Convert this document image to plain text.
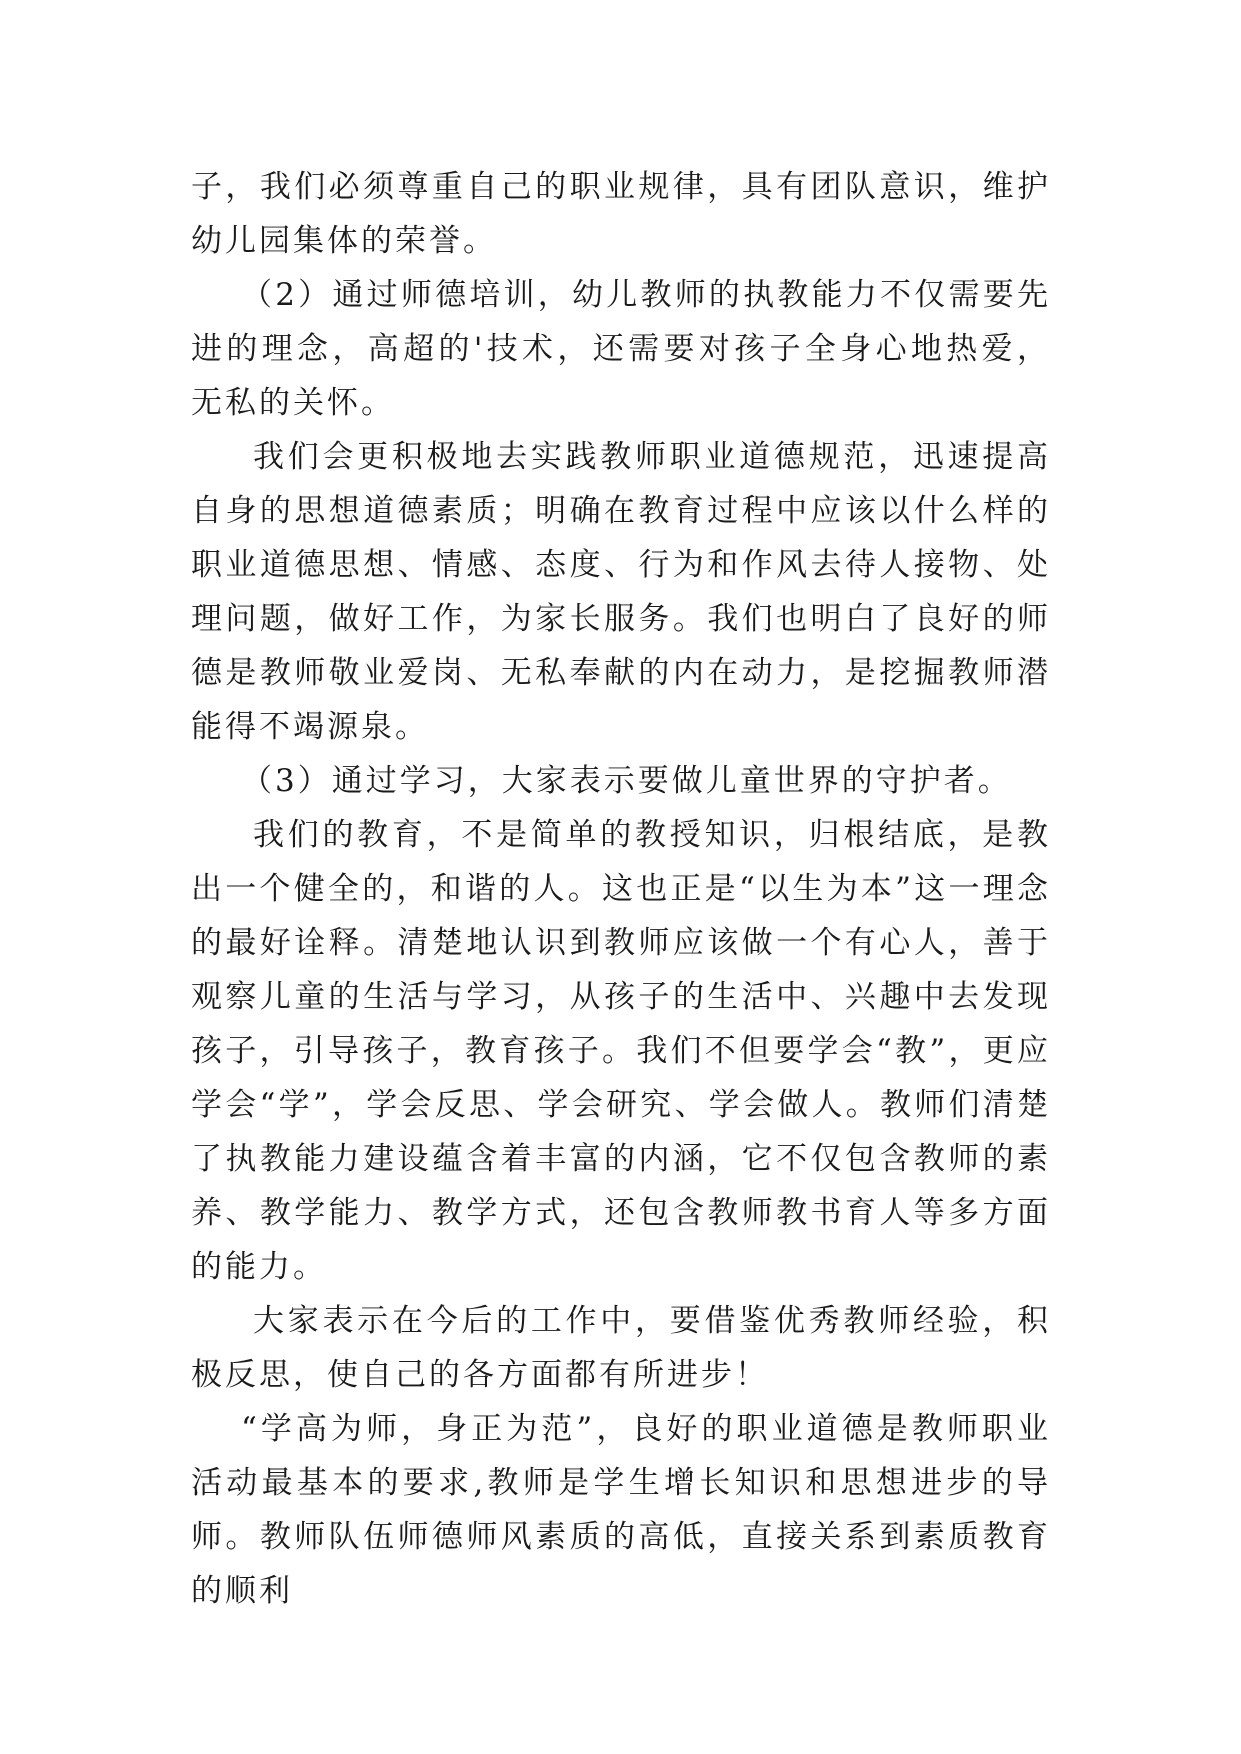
子，我们必须尊重自己的职业规律，具有团队意识，维护幼儿园集体的荣誉。

（2）通过师德培训，幼儿教师的执教能力不仅需要先进的理念，高超的'技术，还需要对孩子全身心地热爱，无私的关怀。

我们会更积极地去实践教师职业道德规范，迅速提高自身的思想道德素质；明确在教育过程中应该以什么样的职业道德思想、情感、态度、行为和作风去待人接物、处理问题，做好工作，为家长服务。我们也明白了良好的师德是教师敬业爱岗、无私奉献的内在动力，是挖掘教师潜能得不竭源泉。

（3）通过学习，大家表示要做儿童世界的守护者。

我们的教育，不是简单的教授知识，归根结底，是教出一个健全的，和谐的人。这也正是“以生为本”这一理念的最好诠释。清楚地认识到教师应该做一个有心人，善于观察儿童的生活与学习，从孩子的生活中、兴趣中去发现孩子，引导孩子，教育孩子。我们不但要学会“教”，更应学会“学”，学会反思、学会研究、学会做人。教师们清楚了执教能力建设蕴含着丰富的内涵，它不仅包含教师的素养、教学能力、教学方式，还包含教师教书育人等多方面的能力。

大家表示在今后的工作中，要借鉴优秀教师经验，积极反思，使自己的各方面都有所进步！

“学高为师，身正为范”，良好的职业道德是教师职业活动最基本的要求,教师是学生增长知识和思想进步的导师。教师队伍师德师风素质的高低，直接关系到素质教育的顺利
